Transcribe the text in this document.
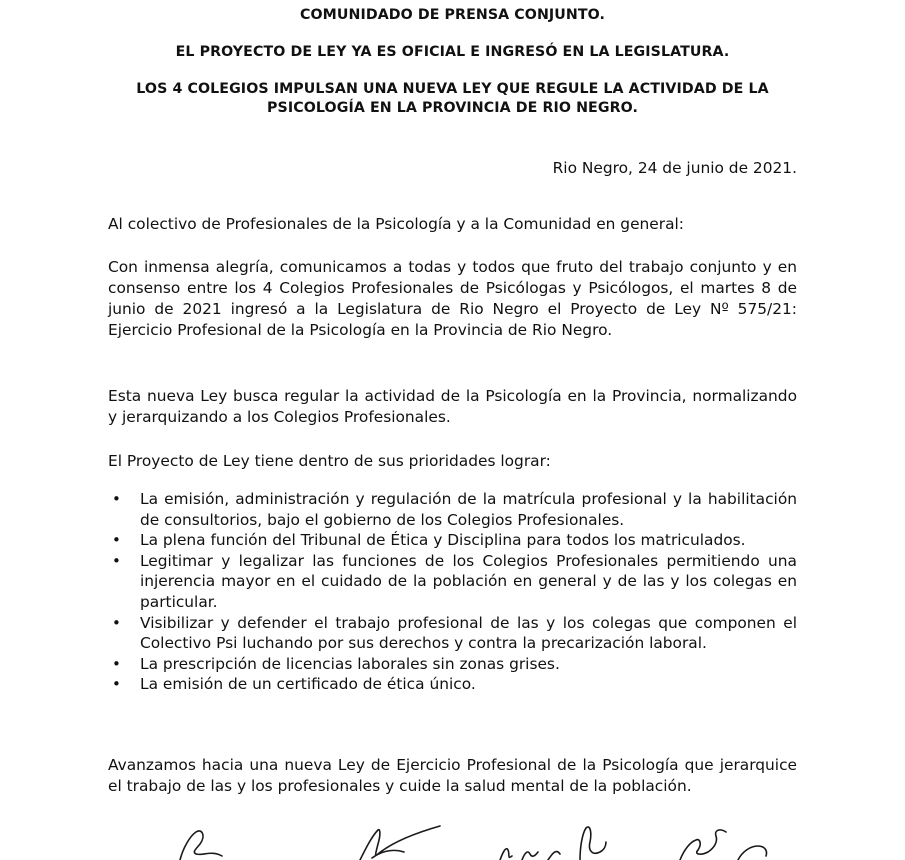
COMUNIDADO DE PRENSA CONJUNTO.
EL PROYECTO DE LEY YA ES OFICIAL E INGRESÓ EN LA LEGISLATURA.
LOS 4 COLEGIOS IMPULSAN UNA NUEVA LEY QUE REGULE LA ACTIVIDAD DE LA PSICOLOGÍA EN LA PROVINCIA DE RIO NEGRO.
Rio Negro, 24 de junio de 2021.
Al colectivo de Profesionales de la Psicología y a la Comunidad en general:
Con inmensa alegría, comunicamos a todas y todos que fruto del trabajo conjunto y en consenso entre los 4 Colegios Profesionales de Psicólogas y Psicólogos, el martes 8 de junio de 2021 ingresó a la Legislatura de Rio Negro el Proyecto de Ley Nº 575/21: Ejercicio Profesional de la Psicología en la Provincia de Rio Negro.
Esta nueva Ley busca regular la actividad de la Psicología en la Provincia, normalizando y jerarquizando a los Colegios Profesionales.
El Proyecto de Ley tiene dentro de sus prioridades lograr:
• La emisión, administración y regulación de la matrícula profesional y la habilitación de consultorios, bajo el gobierno de los Colegios Profesionales.
• La plena función del Tribunal de Ética y Disciplina para todos los matriculados.
• Legitimar y legalizar las funciones de los Colegios Profesionales permitiendo una injerencia mayor en el cuidado de la población en general y de las y los colegas en particular.
• Visibilizar y defender el trabajo profesional de las y los colegas que componen el Colectivo Psi luchando por sus derechos y contra la precarización laboral.
• La prescripción de licencias laborales sin zonas grises.
• La emisión de un certificado de ética único.
Avanzamos hacia una nueva Ley de Ejercicio Profesional de la Psicología que jerarquice el trabajo de las y los profesionales y cuide la salud mental de la población.
